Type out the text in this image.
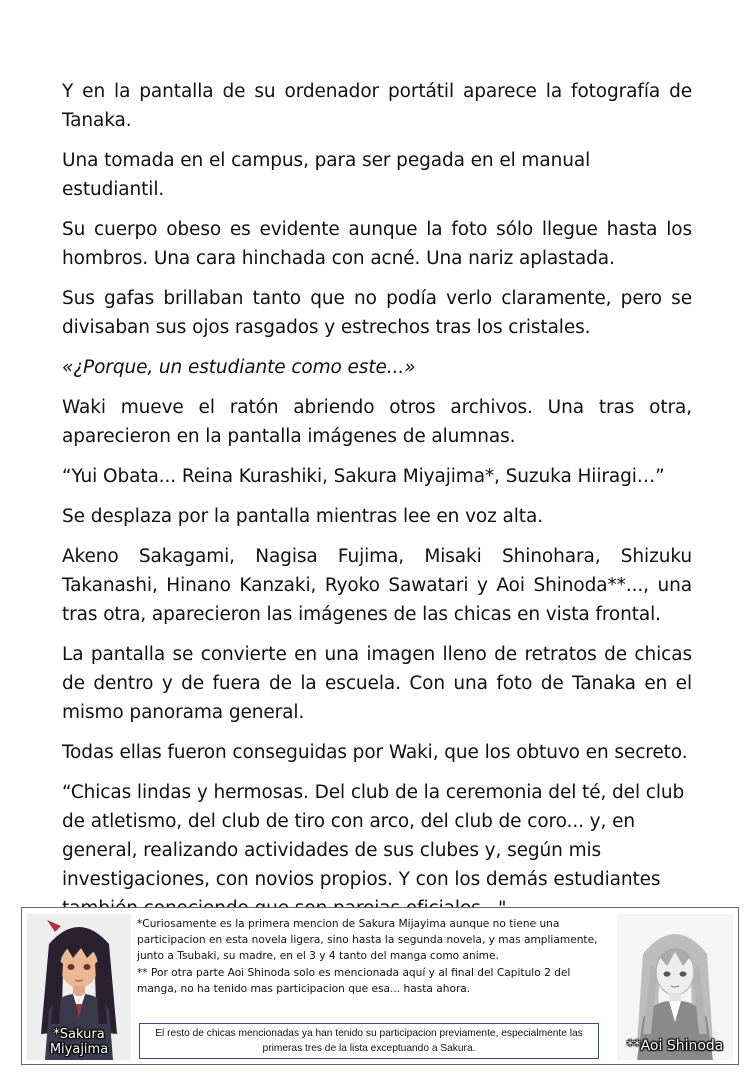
Y en la pantalla de su ordenador portátil aparece la fotografía de Tanaka.

Una tomada en el campus, para ser pegada en el manual estudiantil.

Su cuerpo obeso es evidente aunque la foto sólo llegue hasta los hombros. Una cara hinchada con acné. Una nariz aplastada.

Sus gafas brillaban tanto que no podía verlo claramente, pero se divisaban sus ojos rasgados y estrechos tras los cristales.

«¿Porque, un estudiante como este...»

Waki mueve el ratón abriendo otros archivos. Una tras otra, aparecieron en la pantalla imágenes de alumnas.

“Yui Obata... Reina Kurashiki, Sakura Miyajima*, Suzuka Hiiragi…”

Se desplaza por la pantalla mientras lee en voz alta.

Akeno Sakagami, Nagisa Fujima, Misaki Shinohara, Shizuku Takanashi, Hinano Kanzaki, Ryoko Sawatari y Aoi Shinoda**..., una tras otra, aparecieron las imágenes de las chicas en vista frontal.

La pantalla se convierte en una imagen lleno de retratos de chicas de dentro y de fuera de la escuela. Con una foto de Tanaka en el mismo panorama general.

Todas ellas fueron conseguidas por Waki, que los obtuvo en secreto.

“Chicas lindas y hermosas. Del club de la ceremonia del té, del club de atletismo, del club de tiro con arco, del club de coro... y, en general, realizando actividades de sus clubes y, según mis investigaciones, con novios propios. Y con los demás estudiantes

*Sakura
Miyajima

*Curiosamente es la primera mencion de Sakura Mijayima aunque no tiene una participacion en esta novela ligera, sino hasta la segunda novela, y mas ampliamente, junto a Tsubaki, su madre, en el 3 y 4 tanto del manga como anime.

** Por otra parte Aoi Shinoda solo es mencionada aquí y al final del Capitulo 2 del manga, no ha tenido mas participacion que esa... hasta ahora.

El resto de chicas mencionadas ya han tenido su participacion previamente, especialmente las primeras tres de la lista exceptuando a Sakura.	**Aoi Shinoda
